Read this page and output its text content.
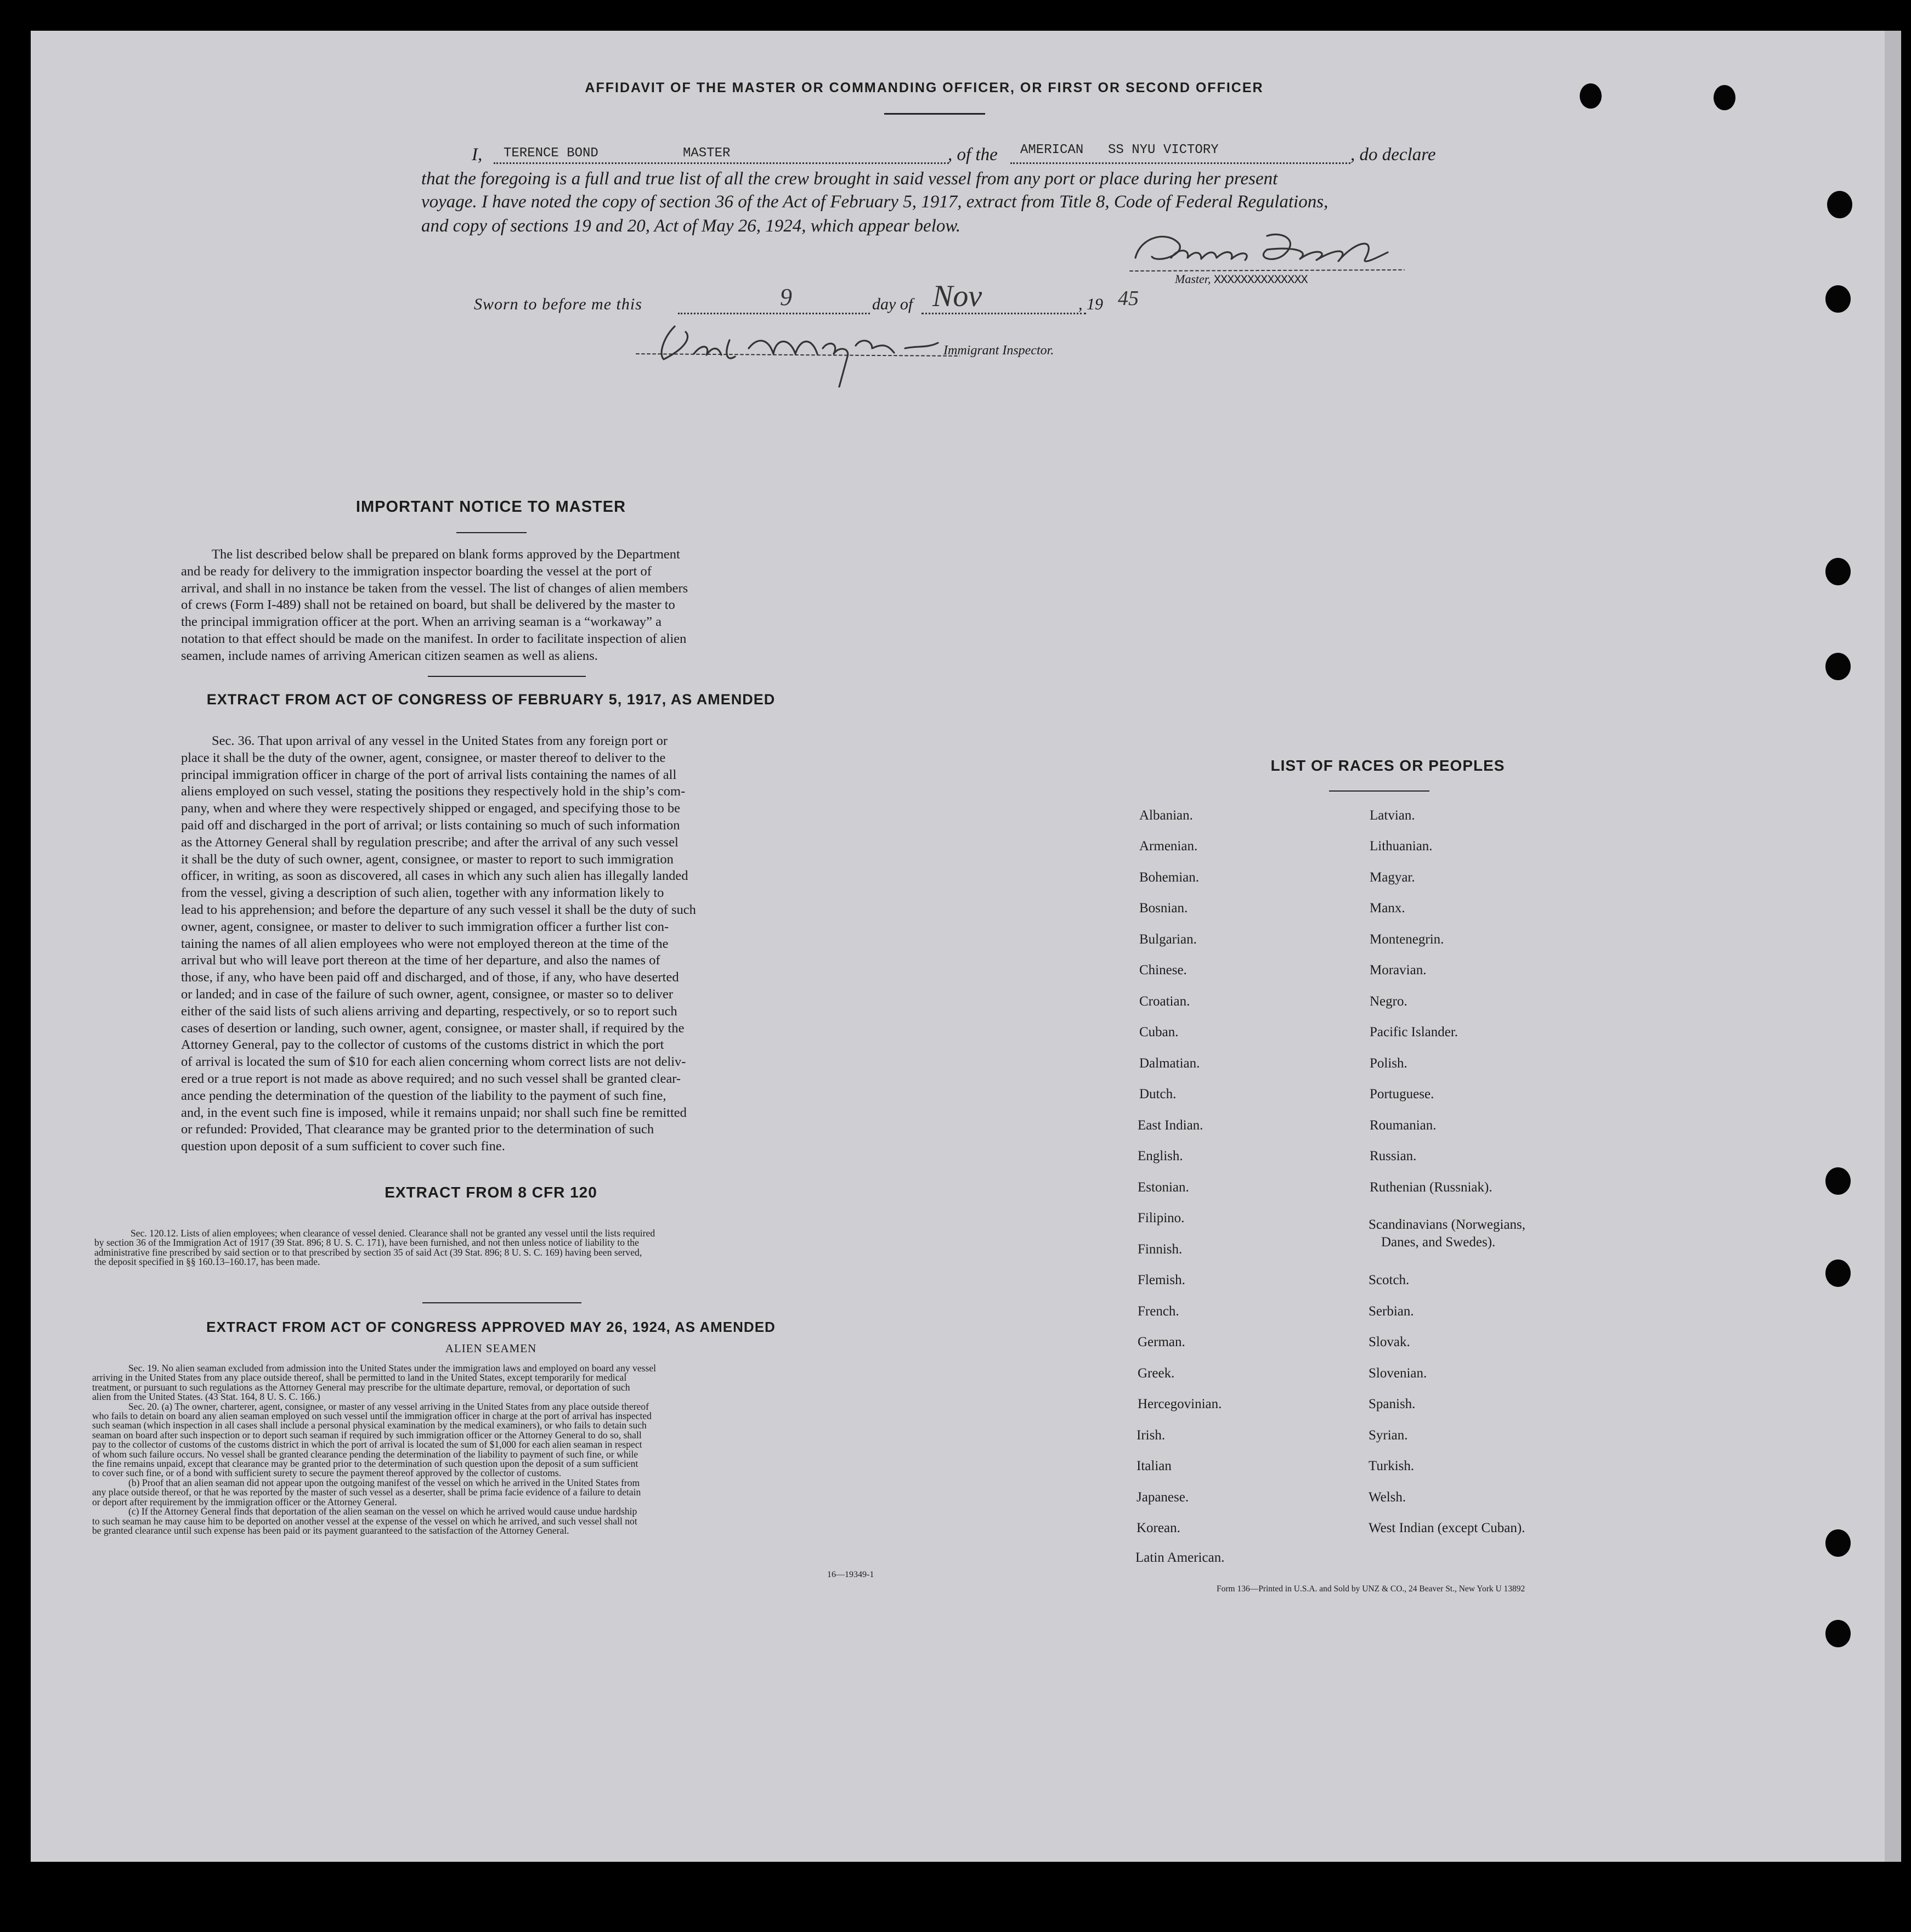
AFFIDAVIT OF THE MASTER OR COMMANDING OFFICER, OR FIRST OR SECOND OFFICER
I, TERENCE BOND	MASTER	, of the AMERICAN SS NYU VICTORY	, do declare
that the foregoing is a full and true list of all the crew brought in said vessel from any port or place during her present
voyage. I have noted the copy of section 36 of the Act of February 5, 1917, extract from Title 8, Code of Federal Regulations,
and copy of sections 19 and 20, Act of May 26, 1924, which appear below.
Master, XXXXXXXXXXXXXX
Sworn to before me this	9	day of Nov	, 19 45
Immigrant Inspector.
IMPORTANT NOTICE TO MASTER
The list described below shall be prepared on blank forms approved by the Department
and be ready for delivery to the immigration inspector boarding the vessel at the port of
arrival, and shall in no instance be taken from the vessel. The list of changes of alien members
of crews (Form I-489) shall not be retained on board, but shall be delivered by the master to
the principal immigration officer at the port. When an arriving seaman is a “workaway” a
notation to that effect should be made on the manifest. In order to facilitate inspection of alien
seamen, include names of arriving American citizen seamen as well as aliens.
EXTRACT FROM ACT OF CONGRESS OF FEBRUARY 5, 1917, AS AMENDED
Sec. 36. That upon arrival of any vessel in the United States from any foreign port or
place it shall be the duty of the owner, agent, consignee, or master thereof to deliver to the
principal immigration officer in charge of the port of arrival lists containing the names of all
aliens employed on such vessel, stating the positions they respectively hold in the ship’s com-
pany, when and where they were respectively shipped or engaged, and specifying those to be
paid off and discharged in the port of arrival; or lists containing so much of such information
as the Attorney General shall by regulation prescribe; and after the arrival of any such vessel
it shall be the duty of such owner, agent, consignee, or master to report to such immigration
officer, in writing, as soon as discovered, all cases in which any such alien has illegally landed
from the vessel, giving a description of such alien, together with any information likely to
lead to his apprehension; and before the departure of any such vessel it shall be the duty of such
owner, agent, consignee, or master to deliver to such immigration officer a further list con-
taining the names of all alien employees who were not employed thereon at the time of the
arrival but who will leave port thereon at the time of her departure, and also the names of
those, if any, who have been paid off and discharged, and of those, if any, who have deserted
or landed; and in case of the failure of such owner, agent, consignee, or master so to deliver
either of the said lists of such aliens arriving and departing, respectively, or so to report such
cases of desertion or landing, such owner, agent, consignee, or master shall, if required by the
Attorney General, pay to the collector of customs of the customs district in which the port
of arrival is located the sum of $10 for each alien concerning whom correct lists are not deliv-
ered or a true report is not made as above required; and no such vessel shall be granted clear-
ance pending the determination of the question of the liability to the payment of such fine,
and, in the event such fine is imposed, while it remains unpaid; nor shall such fine be remitted
or refunded: Provided, That clearance may be granted prior to the determination of such
question upon deposit of a sum sufficient to cover such fine.
EXTRACT FROM 8 CFR 120
Sec. 120.12. Lists of alien employees; when clearance of vessel denied. Clearance shall not be granted any vessel until the lists required
by section 36 of the Immigration Act of 1917 (39 Stat. 896; 8 U. S. C. 171), have been furnished, and not then unless notice of liability to the
administrative fine prescribed by said section or to that prescribed by section 35 of said Act (39 Stat. 896; 8 U. S. C. 169) having been served,
the deposit specified in §§ 160.13–160.17, has been made.
EXTRACT FROM ACT OF CONGRESS APPROVED MAY 26, 1924, AS AMENDED
ALIEN SEAMEN
Sec. 19. No alien seaman excluded from admission into the United States under the immigration laws and employed on board any vessel
arriving in the United States from any place outside thereof, shall be permitted to land in the United States, except temporarily for medical
treatment, or pursuant to such regulations as the Attorney General may prescribe for the ultimate departure, removal, or deportation of such
alien from the United States. (43 Stat. 164, 8 U. S. C. 166.)
Sec. 20. (a) The owner, charterer, agent, consignee, or master of any vessel arriving in the United States from any place outside thereof
who fails to detain on board any alien seaman employed on such vessel until the immigration officer in charge at the port of arrival has inspected
such seaman (which inspection in all cases shall include a personal physical examination by the medical examiners), or who fails to detain such
seaman on board after such inspection or to deport such seaman if required by such immigration officer or the Attorney General to do so, shall
pay to the collector of customs of the customs district in which the port of arrival is located the sum of $1,000 for each alien seaman in respect
of whom such failure occurs. No vessel shall be granted clearance pending the determination of the liability to payment of such fine, or while
the fine remains unpaid, except that clearance may be granted prior to the determination of such question upon the deposit of a sum sufficient
to cover such fine, or of a bond with sufficient surety to secure the payment thereof approved by the collector of customs.
(b) Proof that an alien seaman did not appear upon the outgoing manifest of the vessel on which he arrived in the United States from
any place outside thereof, or that he was reported by the master of such vessel as a deserter, shall be prima facie evidence of a failure to detain
or deport after requirement by the immigration officer or the Attorney General.
(c) If the Attorney General finds that deportation of the alien seaman on the vessel on which he arrived would cause undue hardship
to such seaman he may cause him to be deported on another vessel at the expense of the vessel on which he arrived, and such vessel shall not
be granted clearance until such expense has been paid or its payment guaranteed to the satisfaction of the Attorney General.
16—19349-1
LIST OF RACES OR PEOPLES
Albanian.
Armenian.
Bohemian.
Bosnian.
Bulgarian.
Chinese.
Croatian.
Cuban.
Dalmatian.
Dutch.
East Indian.
English.
Estonian.
Filipino.
Finnish.
Flemish.
French.
German.
Greek.
Hercegovinian.
Irish.
Italian
Japanese.
Korean.
Latin American.
Latvian.
Lithuanian.
Magyar.
Manx.
Montenegrin.
Moravian.
Negro.
Pacific Islander.
Polish.
Portuguese.
Roumanian.
Russian.
Ruthenian (Russniak).
Scandinavians (Norwegians,
Danes, and Swedes).
Scotch.
Serbian.
Slovak.
Slovenian.
Spanish.
Syrian.
Turkish.
Welsh.
West Indian (except Cuban).
Form 136—Printed in U.S.A. and Sold by UNZ & CO., 24 Beaver St., New York U 13892
